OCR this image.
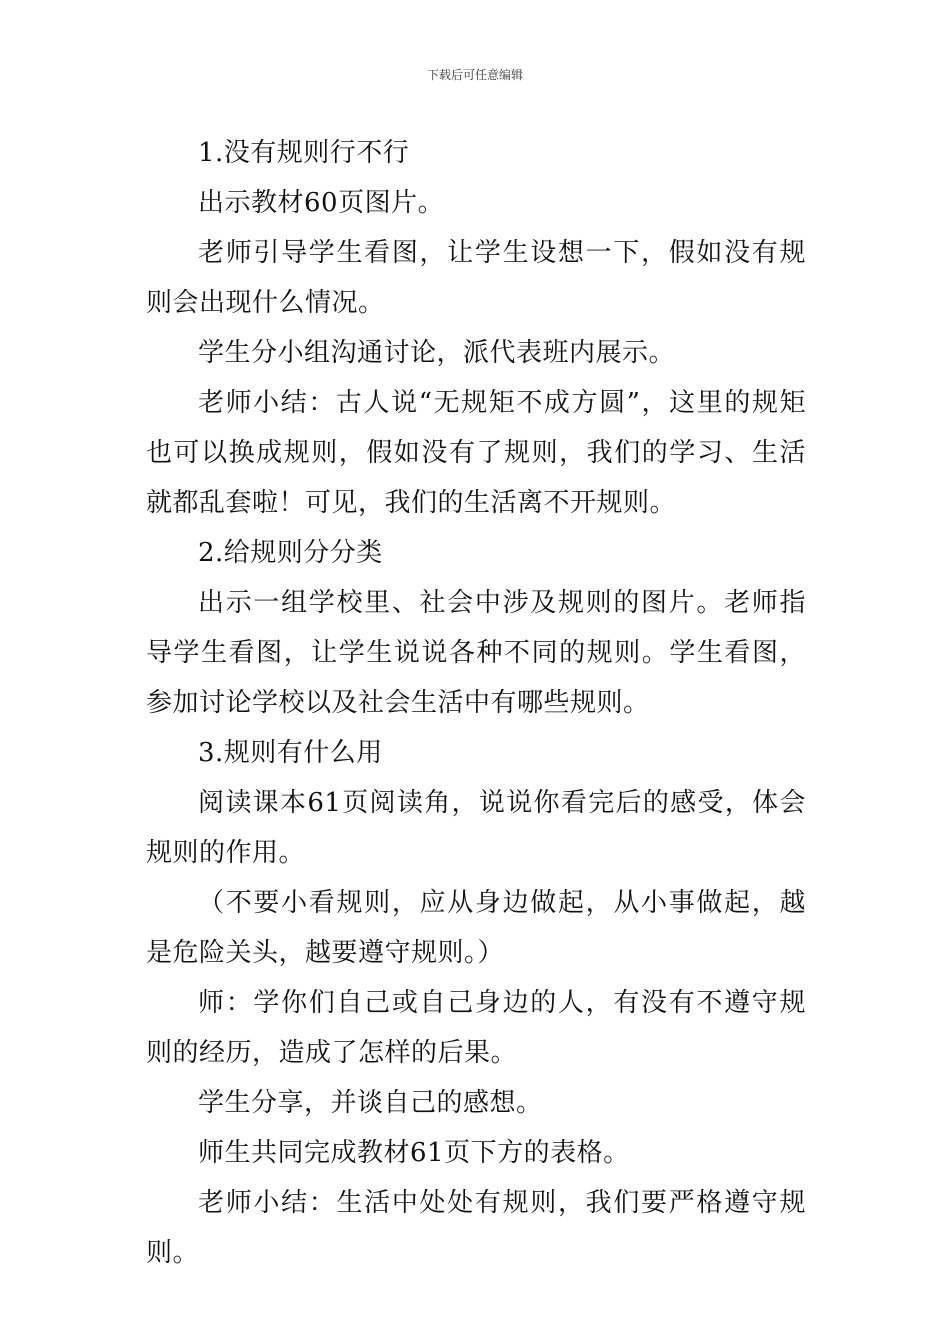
下载后可任意编辑

1.没有规则行不行

出示教材60页图片。

老师引导学生看图，让学生设想一下，假如没有规则会出现什么情况。

学生分小组沟通讨论，派代表班内展示。

老师小结：古人说“无规矩不成方圆”，这里的规矩也可以换成规则，假如没有了规则，我们的学习、生活就都乱套啦！可见，我们的生活离不开规则。

2.给规则分分类

出示一组学校里、社会中涉及规则的图片。老师指导学生看图，让学生说说各种不同的规则。学生看图，参加讨论学校以及社会生活中有哪些规则。

3.规则有什么用

阅读课本61页阅读角，说说你看完后的感受，体会规则的作用。

（不要小看规则，应从身边做起，从小事做起，越是危险关头，越要遵守规则。）

师：学你们自己或自己身边的人，有没有不遵守规则的经历，造成了怎样的后果。

学生分享，并谈自己的感想。

师生共同完成教材61页下方的表格。

老师小结：生活中处处有规则，我们要严格遵守规则。
